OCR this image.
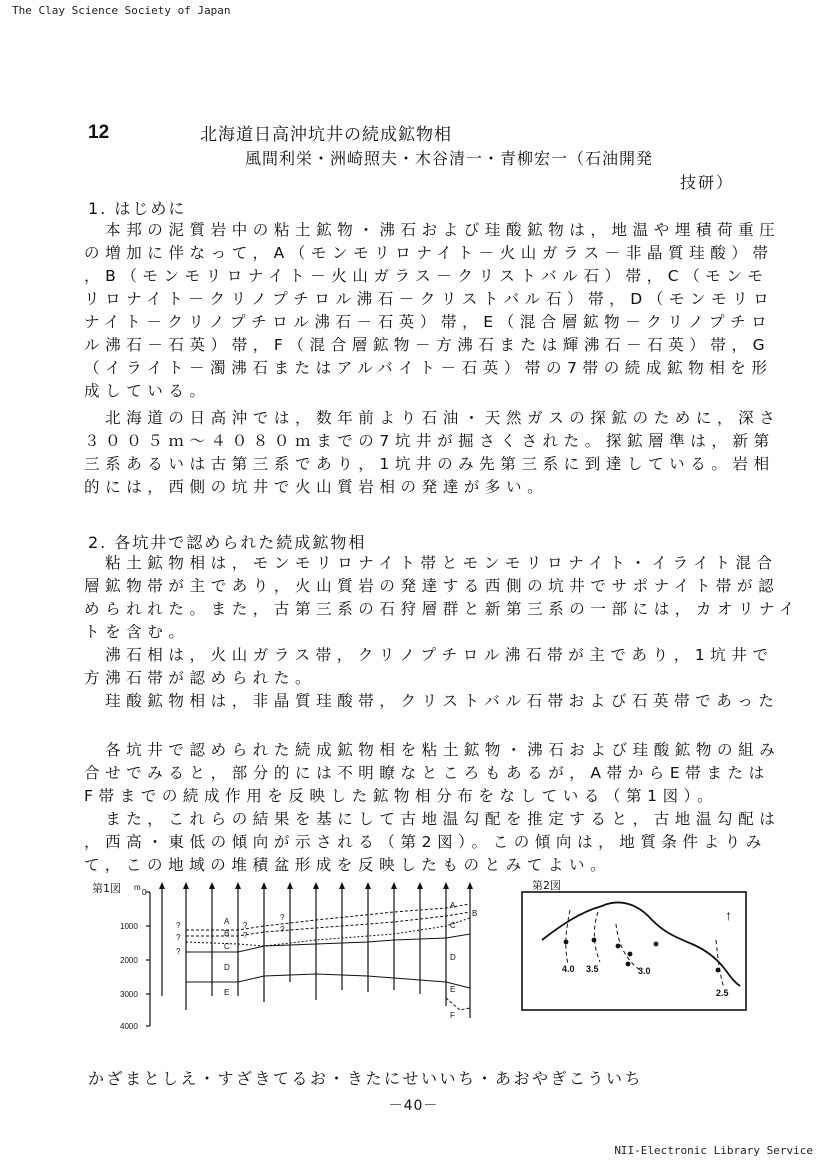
The Clay Science Society of Japan
12	北海道日高沖坑井の続成鉱物相
風間利栄・洲崎照夫・木谷清一・青柳宏一（石油開発
技研）
1. はじめに
　本邦の泥質岩中の粘土鉱物・沸石および珪酸鉱物は，地温や埋積荷重圧
の増加に伴なって，A（モンモリロナイト－火山ガラス－非晶質珪酸）帯
，B（モンモリロナイト－火山ガラス－クリストバル石）帯，C（モンモ
リロナイト－クリノプチロル沸石－クリストバル石）帯，D（モンモリロ
ナイト－クリノプチロル沸石－石英）帯，E（混合層鉱物－クリノプチロ
ル沸石－石英）帯，F（混合層鉱物－方沸石または輝沸石－石英）帯，G
（イライト－濁沸石またはアルバイト－石英）帯の7帯の続成鉱物相を形
成している。
　北海道の日高沖では，数年前より石油・天然ガスの探鉱のために，深さ
３００５ｍ～４０８０ｍまでの7坑井が掘さくされた。探鉱層準は，新第
三系あるいは古第三系であり，1坑井のみ先第三系に到達している。岩相
的には，西側の坑井で火山質岩相の発達が多い。
2. 各坑井で認められた続成鉱物相
　粘土鉱物相は，モンモリロナイト帯とモンモリロナイト・イライト混合
層鉱物帯が主であり，火山質岩の発達する西側の坑井でサポナイト帯が認
められれた。また，古第三系の石狩層群と新第三系の一部には，カオリナイ
トを含む。
　沸石相は，火山ガラス帯，クリノプチロル沸石帯が主であり，1坑井で
方沸石帯が認められた。
　珪酸鉱物相は，非晶質珪酸帯，クリストバル石帯および石英帯であった
　各坑井で認められた続成鉱物相を粘土鉱物・沸石および珪酸鉱物の組み
合せでみると，部分的には不明瞭なところもあるが，A帯からE帯または
F帯までの続成作用を反映した鉱物相分布をなしている（第1図）。
　また，これらの結果を基にして古地温勾配を推定すると，古地温勾配は
，西高・東低の傾向が示される（第2図）。この傾向は，地質条件よりみ
て，この地域の堆積盆形成を反映したものとみてよい。
第1図 m
1000
2000
3000
4000
0
A
B
C
D
E
A
B
C
D
E
F
?
?
?
?
?
?
?
第2図
4.0 3.5	3.0
2.5
↑
かざまとしえ・すざきてるお・きたにせいいち・あおやぎこういち
－40－
NII-Electronic Library Service
